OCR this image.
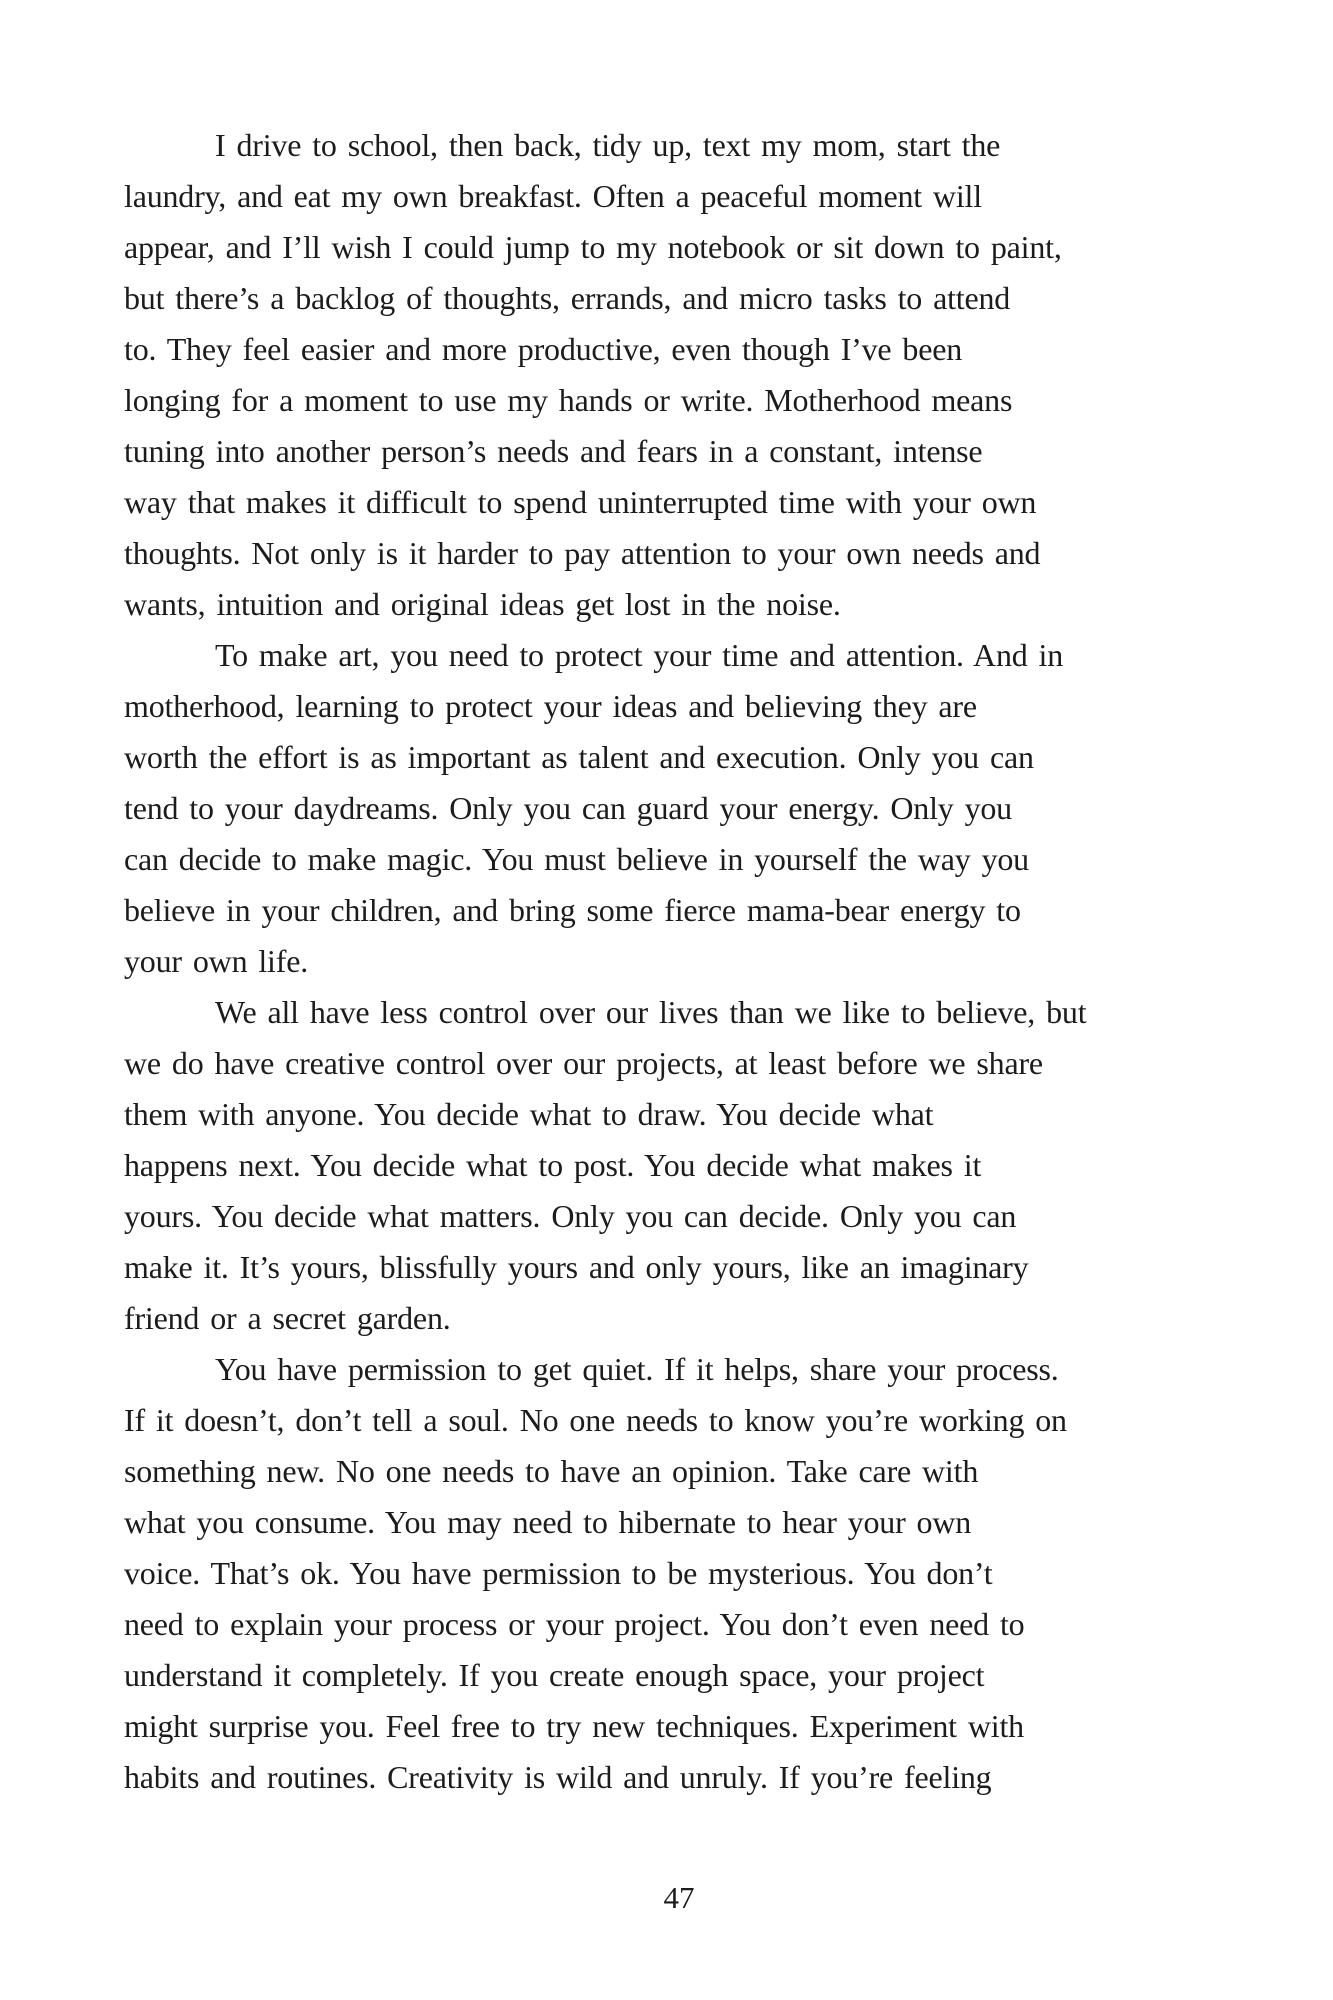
I drive to school, then back, tidy up, text my mom, start the
laundry, and eat my own breakfast. Often a peaceful moment will
appear, and I’ll wish I could jump to my notebook or sit down to paint,
but there’s a backlog of thoughts, errands, and micro tasks to attend
to. They feel easier and more productive, even though I’ve been
longing for a moment to use my hands or write. Motherhood means
tuning into another person’s needs and fears in a constant, intense
way that makes it difficult to spend uninterrupted time with your own
thoughts. Not only is it harder to pay attention to your own needs and
wants, intuition and original ideas get lost in the noise.
To make art, you need to protect your time and attention. And in
motherhood, learning to protect your ideas and believing they are
worth the effort is as important as talent and execution. Only you can
tend to your daydreams. Only you can guard your energy. Only you
can decide to make magic. You must believe in yourself the way you
believe in your children, and bring some fierce mama-bear energy to
your own life.
We all have less control over our lives than we like to believe, but
we do have creative control over our projects, at least before we share
them with anyone. You decide what to draw. You decide what
happens next. You decide what to post. You decide what makes it
yours. You decide what matters. Only you can decide. Only you can
make it. It’s yours, blissfully yours and only yours, like an imaginary
friend or a secret garden.
You have permission to get quiet. If it helps, share your process.
If it doesn’t, don’t tell a soul. No one needs to know you’re working on
something new. No one needs to have an opinion. Take care with
what you consume. You may need to hibernate to hear your own
voice. That’s ok. You have permission to be mysterious. You don’t
need to explain your process or your project. You don’t even need to
understand it completely. If you create enough space, your project
might surprise you. Feel free to try new techniques. Experiment with
habits and routines. Creativity is wild and unruly. If you’re feeling
47
